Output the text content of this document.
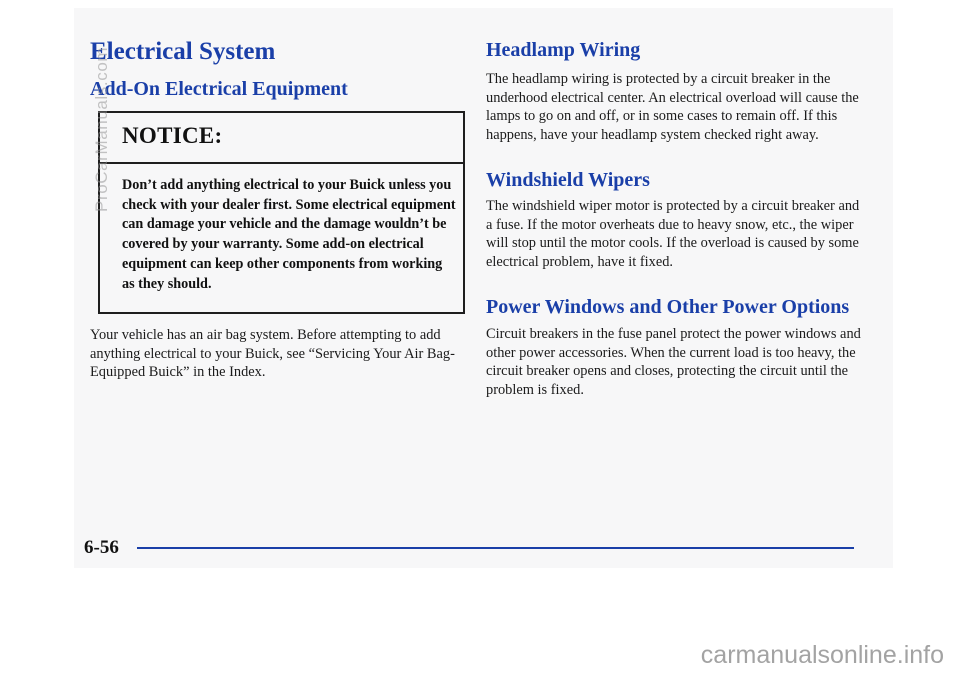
Electrical System
Add-On Electrical Equipment

NOTICE:

Don’t add anything electrical to your Buick unless you check with your dealer first. Some electrical equipment can damage your vehicle and the damage wouldn’t be covered by your warranty. Some add-on electrical equipment can keep other components from working as they should.

Your vehicle has an air bag system. Before attempting to add anything electrical to your Buick, see “Servicing Your Air Bag-Equipped Buick” in the Index.

Headlamp Wiring

The headlamp wiring is protected by a circuit breaker in the underhood electrical center. An electrical overload will cause the lamps to go on and off, or in some cases to remain off. If this happens, have your headlamp system checked right away.

Windshield Wipers

The windshield wiper motor is protected by a circuit breaker and a fuse. If the motor overheats due to heavy snow, etc., the wiper will stop until the motor cools. If the overload is caused by some electrical problem, have it fixed.

Power Windows and Other Power Options

Circuit breakers in the fuse panel protect the power windows and other power accessories. When the current load is too heavy, the circuit breaker opens and closes, protecting the circuit until the problem is fixed.

6-56

ProCarManuals.com

carmanualsonline.info
